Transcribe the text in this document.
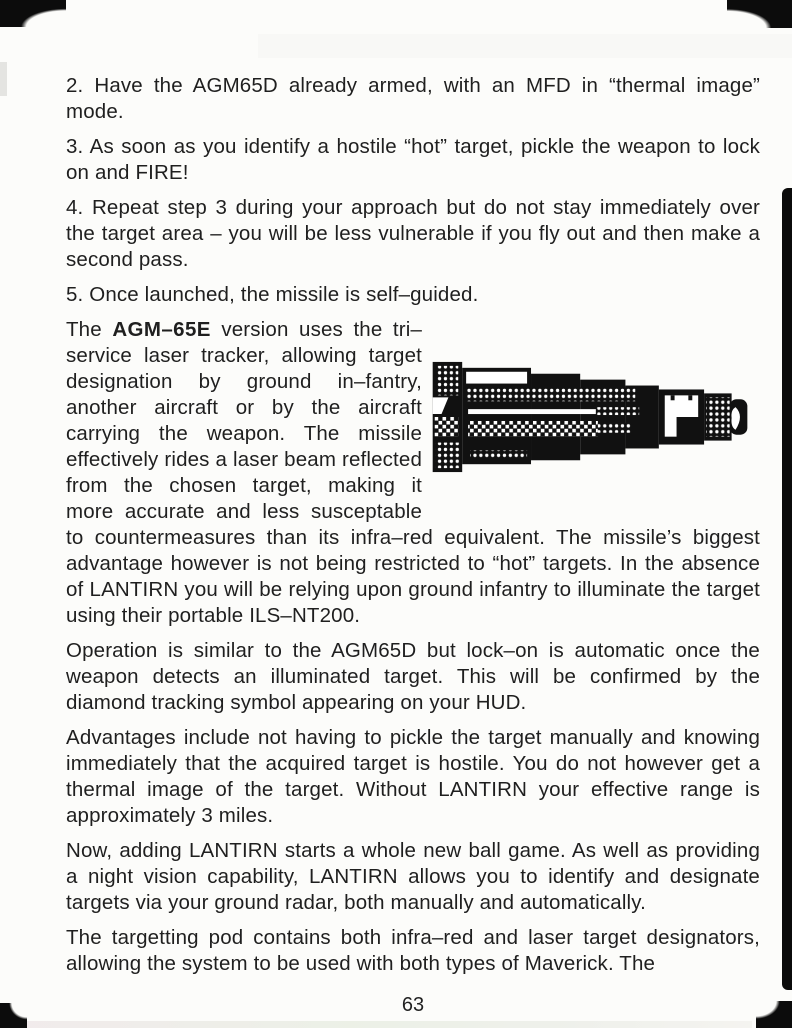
2. Have the AGM65D already armed, with an MFD in “thermal image” mode.

3. As soon as you identify a hostile “hot” target, pickle the weapon to lock on and FIRE!

4. Repeat step 3 during your approach but do not stay immediately over the target area – you will be less vulnerable if you fly out and then make a second pass.

5. Once launched, the missile is self–guided.

The AGM–65E version uses the tri–service laser tracker, allowing target designation by ground in–fantry, another aircraft or by the aircraft carrying the weapon. The missile effectively rides a laser beam reflected from the chosen target, making it more accurate and less susceptable to countermeasures than its infra–red equivalent. The missile’s biggest advantage however is not being restricted to “hot” targets. In the absence of LANTIRN you will be relying upon ground infantry to illuminate the target using their portable ILS–NT200.

Operation is similar to the AGM65D but lock–on is automatic once the weapon detects an illuminated target. This will be confirmed by the diamond tracking symbol appearing on your HUD.

Advantages include not having to pickle the target manually and knowing immediately that the acquired target is hostile. You do not however get a thermal image of the target. Without LANTIRN your effective range is approximately 3 miles.

Now, adding LANTIRN starts a whole new ball game. As well as providing a night vision capability, LANTIRN allows you to identify and designate targets via your ground radar, both manually and automatically.

The targetting pod contains both infra–red and laser target designators, allowing the system to be used with both types of Maverick. The

63
